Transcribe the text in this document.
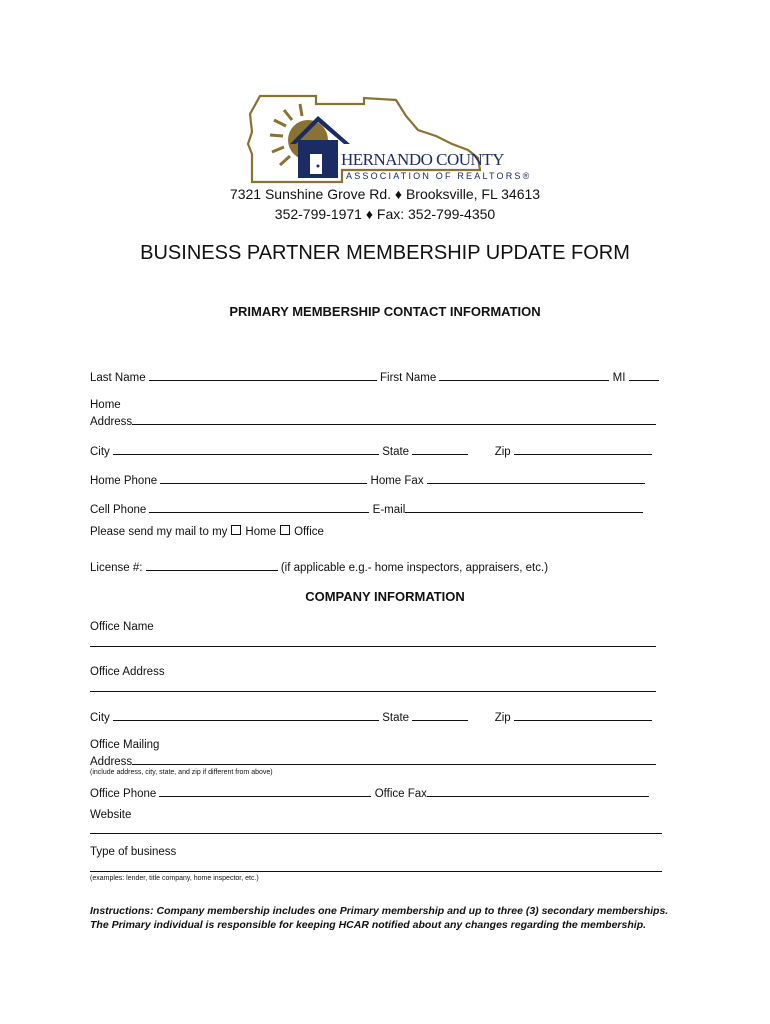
HERNANDO COUNTY
ASSOCIATION OF REALTORS®
7321 Sunshine Grove Rd. ♦ Brooksville, FL 34613
352-799-1971 ♦ Fax: 352-799-4350
BUSINESS PARTNER MEMBERSHIP UPDATE FORM
PRIMARY MEMBERSHIP CONTACT INFORMATION
Last Name	First Name	MI
Home
Address
City	State	Zip
Home Phone	Home Fax
Cell Phone	E-mail
Please send my mail to my Home Office
License #:	(if applicable e.g.- home inspectors, appraisers, etc.)
COMPANY INFORMATION
Office Name
Office Address
City	State	Zip
Office Mailing
Address
(include address, city, state, and zip if different from above)
Office Phone	Office Fax
Website
Type of business
(examples: lender, title company, home inspector, etc.)
Instructions: Company membership includes one Primary membership and up to three (3) secondary memberships. The Primary individual is responsible for keeping HCAR notified about any changes regarding the membership.
